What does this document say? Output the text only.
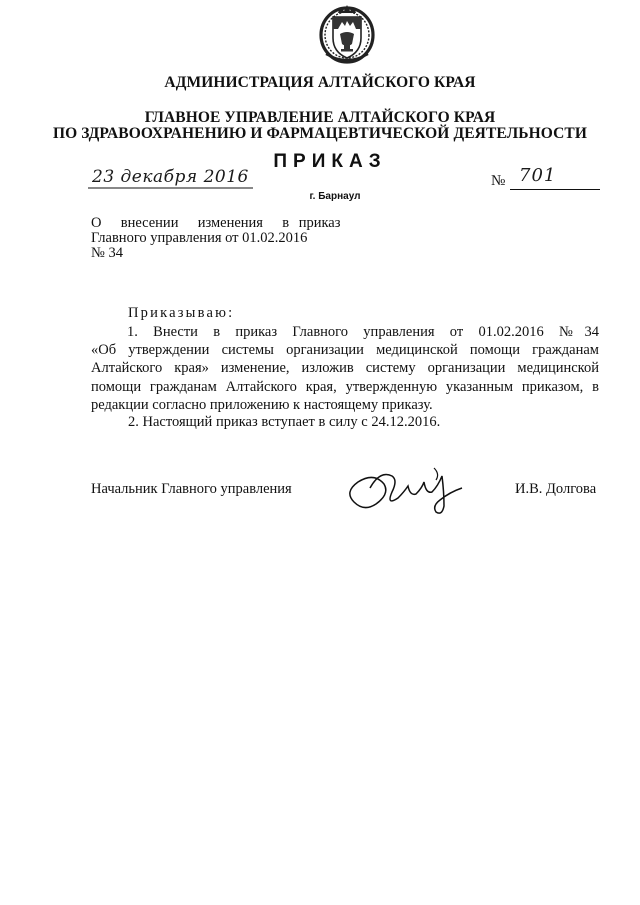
АДМИНИСТРАЦИЯ АЛТАЙСКОГО КРАЯ
ГЛАВНОЕ УПРАВЛЕНИЕ АЛТАЙСКОГО КРАЯ
ПО ЗДРАВООХРАНЕНИЮ И ФАРМАЦЕВТИЧЕСКОЙ ДЕЯТЕЛЬНОСТИ
ПРИКАЗ
23 декабря 2016
г. Барнаул
№ 701
О  внесении  изменения  в приказ
Главного управления от 01.02.2016
№ 34
Приказываю:
1.  Внести  в  приказ  Главного  управления  от  01.02.2016  № 34
«Об утверждении системы организации медицинской помощи гражданам
Алтайского  края»  изменение,  изложив  систему  организации  медицинской
помощи гражданам Алтайского края, утвержденную указанным приказом, в
редакции согласно приложению к настоящему приказу.
2. Настоящий приказ вступает в силу с 24.12.2016.
Начальник Главного управления	И.В. Долгова
